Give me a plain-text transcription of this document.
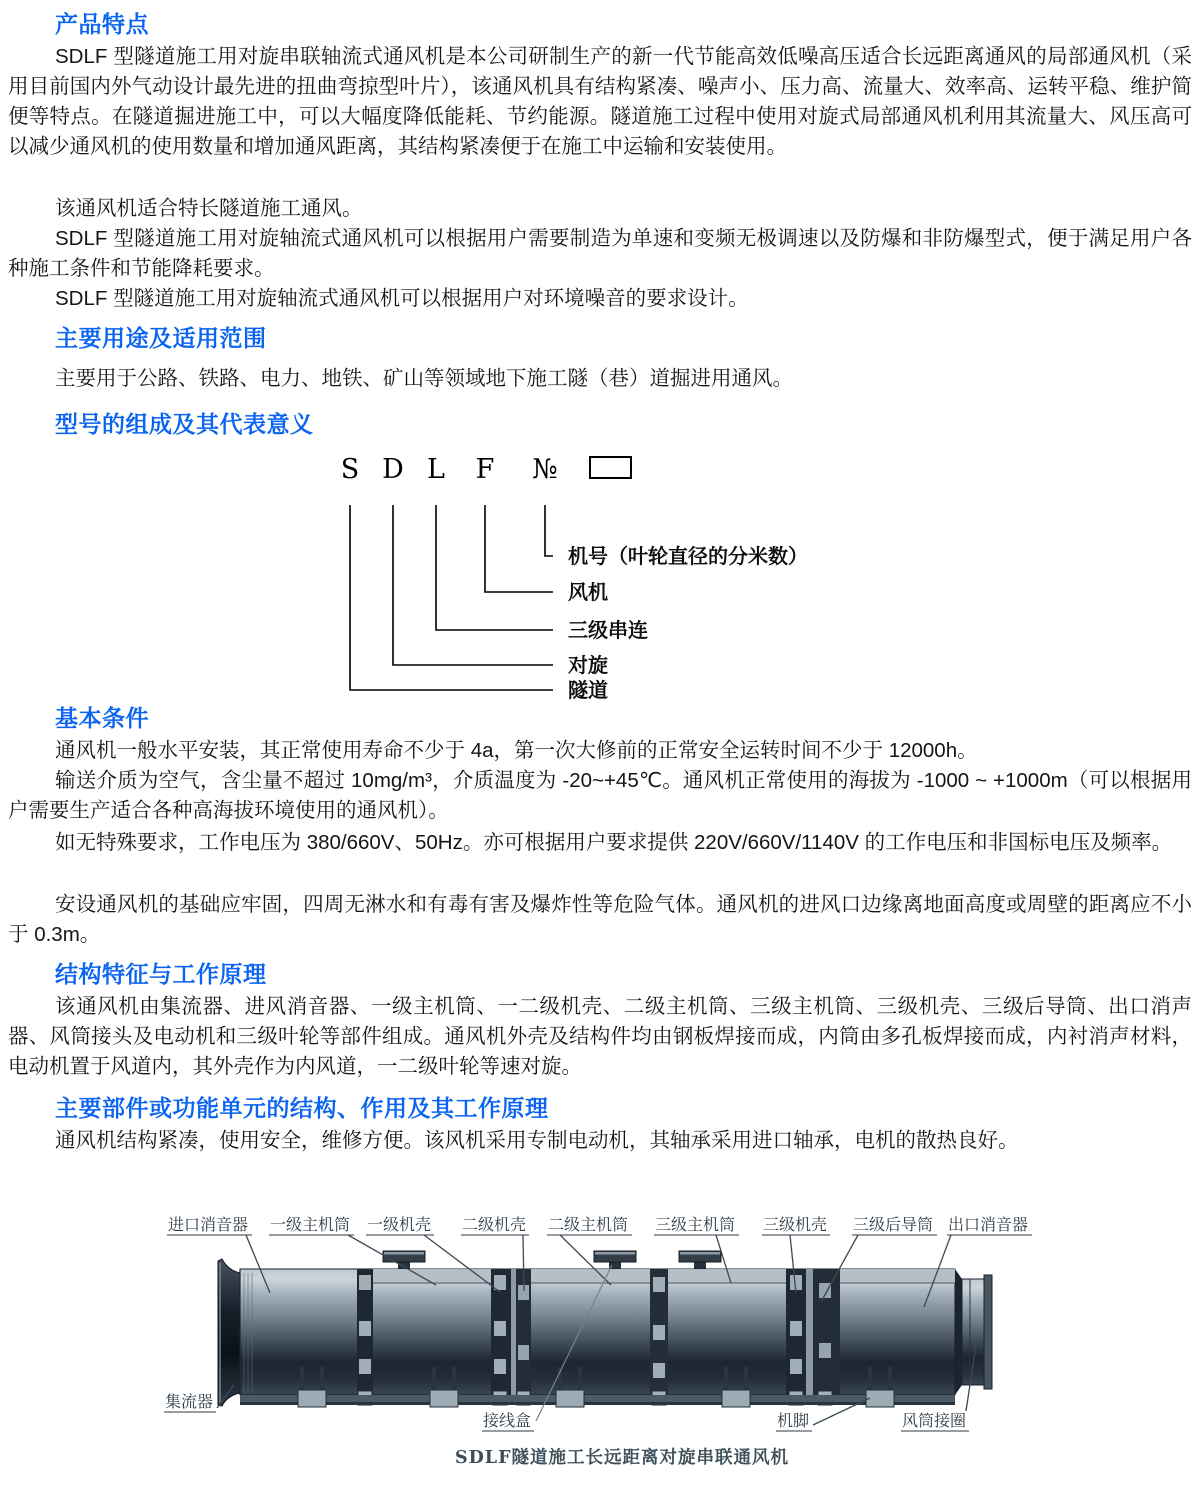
产品特点

SDLF 型隧道施工用对旋串联轴流式通风机是本公司研制生产的新一代节能高效低噪高压适合长远距离通风的局部通风机（采用目前国内外气动设计最先进的扭曲弯掠型叶片），该通风机具有结构紧凑、噪声小、压力高、流量大、效率高、运转平稳、维护简便等特点。在隧道掘进施工中，可以大幅度降低能耗、节约能源。隧道施工过程中使用对旋式局部通风机利用其流量大、风压高可以减少通风机的使用数量和增加通风距离，其结构紧凑便于在施工中运输和安装使用。

该通风机适合特长隧道施工通风。

SDLF 型隧道施工用对旋轴流式通风机可以根据用户需要制造为单速和变频无极调速以及防爆和非防爆型式，便于满足用户各种施工条件和节能降耗要求。

SDLF 型隧道施工用对旋轴流式通风机可以根据用户对环境噪音的要求设计。

主要用途及适用范围

主要用于公路、铁路、电力、地铁、矿山等领域地下施工隧（巷）道掘进用通风。

型号的组成及其代表意义
S D L F №
机号（叶轮直径的分米数）
风机
三级串连
对旋
隧道
基本条件

通风机一般水平安装，其正常使用寿命不少于 4a，第一次大修前的正常安全运转时间不少于 12000h。

输送介质为空气，含尘量不超过 10mg/m³，介质温度为 -20~+45℃。通风机正常使用的海拔为 -1000 ~ +1000m（可以根据用户需要生产适合各种高海拔环境使用的通风机）。

如无特殊要求，工作电压为 380/660V、50Hz。亦可根据用户要求提供 220V/660V/1140V 的工作电压和非国标电压及频率。

安设通风机的基础应牢固，四周无淋水和有毒有害及爆炸性等危险气体。通风机的进风口边缘离地面高度或周壁的距离应不小于 0.3m。

结构特征与工作原理

该通风机由集流器、进风消音器、一级主机筒、一二级机壳、二级主机筒、三级主机筒、三级机壳、三级后导筒、出口消声器、风筒接头及电动机和三级叶轮等部件组成。通风机外壳及结构件均由钢板焊接而成，内筒由多孔板焊接而成，内衬消声材料，电动机置于风道内，其外壳作为内风道，一二级叶轮等速对旋。

主要部件或功能单元的结构、作用及其工作原理

通风机结构紧凑，使用安全，维修方便。该风机采用专制电动机，其轴承采用进口轴承，电机的散热良好。

进口消音器 一级主机筒 一级机壳 二级机壳 二级主机筒 三级主机筒 三级机壳 三级后导筒 出口消音器
集流器
接线盒	机脚	风筒接圈
SDLF隧道施工长远距离对旋串联通风机
